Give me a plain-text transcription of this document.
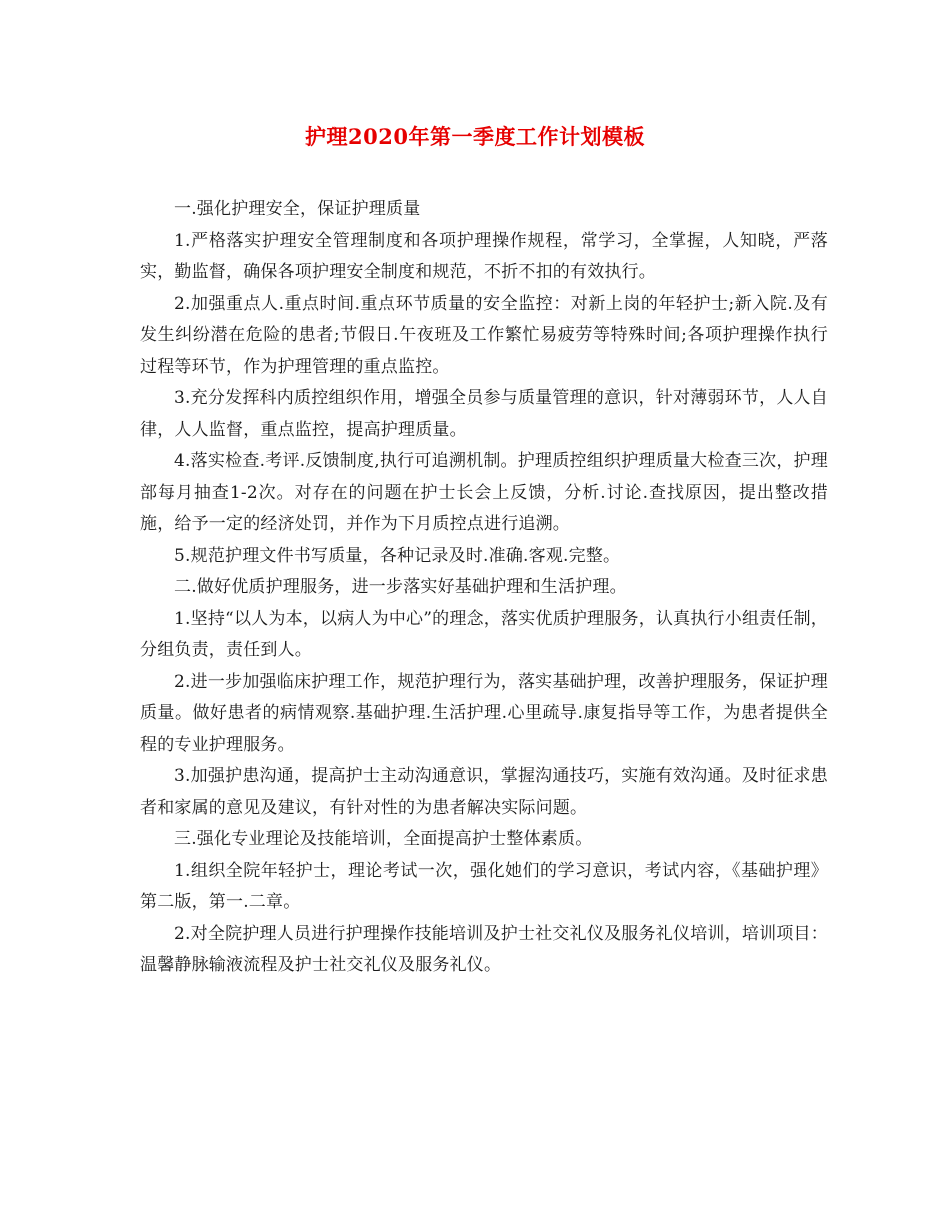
护理2020年第一季度工作计划模板

一.强化护理安全，保证护理质量

1.严格落实护理安全管理制度和各项护理操作规程，常学习，全掌握，人知晓，严落实，勤监督，确保各项护理安全制度和规范，不折不扣的有效执行。

2.加强重点人.重点时间.重点环节质量的安全监控：对新上岗的年轻护士;新入院.及有发生纠纷潜在危险的患者;节假日.午夜班及工作繁忙易疲劳等特殊时间;各项护理操作执行过程等环节，作为护理管理的重点监控。

3.充分发挥科内质控组织作用，增强全员参与质量管理的意识，针对薄弱环节，人人自律，人人监督，重点监控，提高护理质量。

4.落实检查.考评.反馈制度,执行可追溯机制。护理质控组织护理质量大检查三次，护理部每月抽查1-2次。对存在的问题在护士长会上反馈，分析.讨论.查找原因，提出整改措施，给予一定的经济处罚，并作为下月质控点进行追溯。

5.规范护理文件书写质量，各种记录及时.准确.客观.完整。

二.做好优质护理服务，进一步落实好基础护理和生活护理。

1.坚持“以人为本，以病人为中心”的理念，落实优质护理服务，认真执行小组责任制，分组负责，责任到人。

2.进一步加强临床护理工作，规范护理行为，落实基础护理，改善护理服务，保证护理质量。做好患者的病情观察.基础护理.生活护理.心里疏导.康复指导等工作，为患者提供全程的专业护理服务。

3.加强护患沟通，提高护士主动沟通意识，掌握沟通技巧，实施有效沟通。及时征求患者和家属的意见及建议，有针对性的为患者解决实际问题。

三.强化专业理论及技能培训，全面提高护士整体素质。

1.组织全院年轻护士，理论考试一次，强化她们的学习意识，考试内容，《基础护理》第二版，第一.二章。

2.对全院护理人员进行护理操作技能培训及护士社交礼仪及服务礼仪培训，培训项目：温馨静脉输液流程及护士社交礼仪及服务礼仪。
